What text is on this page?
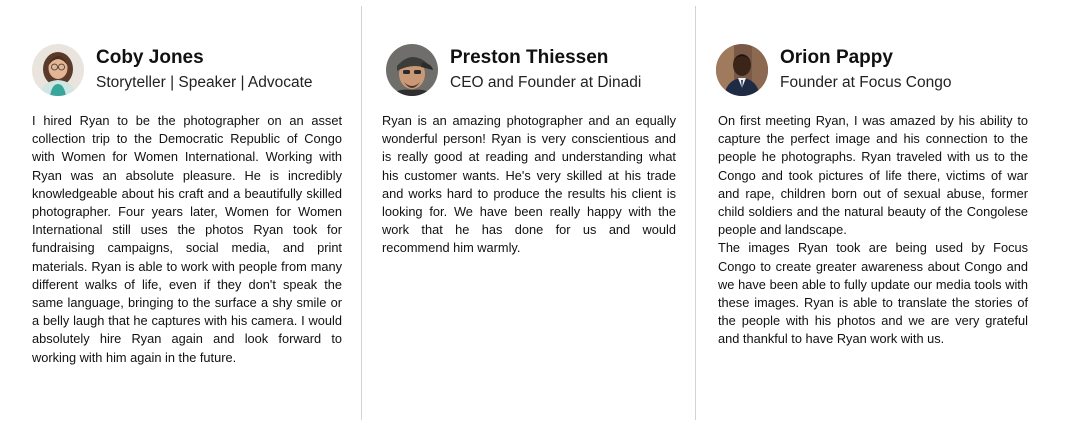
Coby Jones
Storyteller | Speaker | Advocate

I hired Ryan to be the photographer on an asset collection trip to the Democratic Republic of Congo with Women for Women International. Working with Ryan was an absolute pleasure. He is incredibly knowledgeable about his craft and a beautifully skilled photographer. Four years later, Women for Women International still uses the photos Ryan took for fundraising campaigns, social media, and print materials. Ryan is able to work with people from many different walks of life, even if they don't speak the same language, bringing to the surface a shy smile or a belly laugh that he captures with his camera. I would absolutely hire Ryan again and look forward to working with him again in the future.

Preston Thiessen
CEO and Founder at Dinadi

Ryan is an amazing photographer and an equally wonderful person! Ryan is very conscientious and is really good at reading and understanding what his customer wants. He's very skilled at his trade and works hard to produce the results his client is looking for. We have been really happy with the work that he has done for us and would recommend him warmly.

Orion Pappy
Founder at Focus Congo

On first meeting Ryan, I was amazed by his ability to capture the perfect image and his connection to the people he photographs. Ryan traveled with us to the Congo and took pictures of life there, victims of war and rape, children born out of sexual abuse, former child soldiers and the natural beauty of the Congolese people and landscape.

The images Ryan took are being used by Focus Congo to create greater awareness about Congo and we have been able to fully update our media tools with these images. Ryan is able to translate the stories of the people with his photos and we are very grateful and thankful to have Ryan work with us.
